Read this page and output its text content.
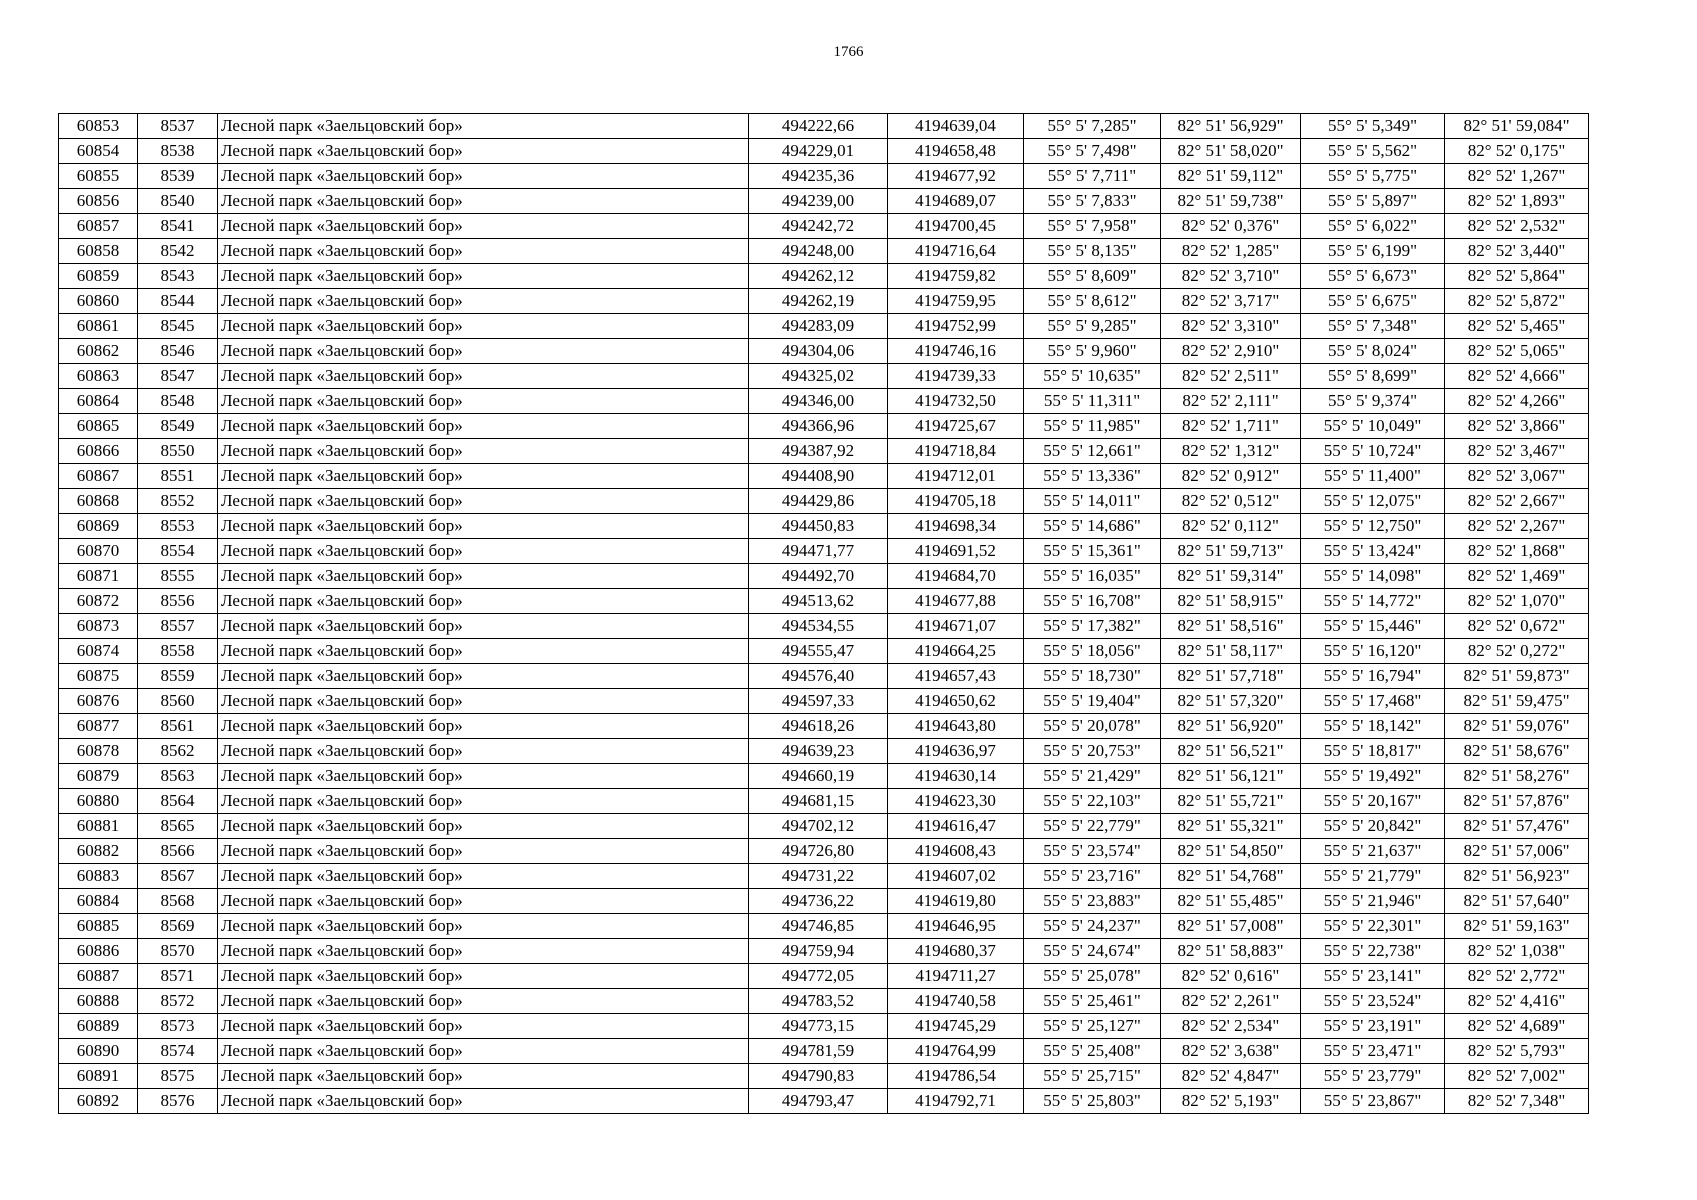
1766
60853	8537	Лесной парк «Заельцовский бор»	494222,66	4194639,04	55° 5' 7,285"	82° 51' 56,929"	55° 5' 5,349"	82° 51' 59,084"
60854	8538	Лесной парк «Заельцовский бор»	494229,01	4194658,48	55° 5' 7,498"	82° 51' 58,020"	55° 5' 5,562"	82° 52' 0,175"
60855	8539	Лесной парк «Заельцовский бор»	494235,36	4194677,92	55° 5' 7,711"	82° 51' 59,112"	55° 5' 5,775"	82° 52' 1,267"
60856	8540	Лесной парк «Заельцовский бор»	494239,00	4194689,07	55° 5' 7,833"	82° 51' 59,738"	55° 5' 5,897"	82° 52' 1,893"
60857	8541	Лесной парк «Заельцовский бор»	494242,72	4194700,45	55° 5' 7,958"	82° 52' 0,376"	55° 5' 6,022"	82° 52' 2,532"
60858	8542	Лесной парк «Заельцовский бор»	494248,00	4194716,64	55° 5' 8,135"	82° 52' 1,285"	55° 5' 6,199"	82° 52' 3,440"
60859	8543	Лесной парк «Заельцовский бор»	494262,12	4194759,82	55° 5' 8,609"	82° 52' 3,710"	55° 5' 6,673"	82° 52' 5,864"
60860	8544	Лесной парк «Заельцовский бор»	494262,19	4194759,95	55° 5' 8,612"	82° 52' 3,717"	55° 5' 6,675"	82° 52' 5,872"
60861	8545	Лесной парк «Заельцовский бор»	494283,09	4194752,99	55° 5' 9,285"	82° 52' 3,310"	55° 5' 7,348"	82° 52' 5,465"
60862	8546	Лесной парк «Заельцовский бор»	494304,06	4194746,16	55° 5' 9,960"	82° 52' 2,910"	55° 5' 8,024"	82° 52' 5,065"
60863	8547	Лесной парк «Заельцовский бор»	494325,02	4194739,33	55° 5' 10,635"	82° 52' 2,511"	55° 5' 8,699"	82° 52' 4,666"
60864	8548	Лесной парк «Заельцовский бор»	494346,00	4194732,50	55° 5' 11,311"	82° 52' 2,111"	55° 5' 9,374"	82° 52' 4,266"
60865	8549	Лесной парк «Заельцовский бор»	494366,96	4194725,67	55° 5' 11,985"	82° 52' 1,711"	55° 5' 10,049"	82° 52' 3,866"
60866	8550	Лесной парк «Заельцовский бор»	494387,92	4194718,84	55° 5' 12,661"	82° 52' 1,312"	55° 5' 10,724"	82° 52' 3,467"
60867	8551	Лесной парк «Заельцовский бор»	494408,90	4194712,01	55° 5' 13,336"	82° 52' 0,912"	55° 5' 11,400"	82° 52' 3,067"
60868	8552	Лесной парк «Заельцовский бор»	494429,86	4194705,18	55° 5' 14,011"	82° 52' 0,512"	55° 5' 12,075"	82° 52' 2,667"
60869	8553	Лесной парк «Заельцовский бор»	494450,83	4194698,34	55° 5' 14,686"	82° 52' 0,112"	55° 5' 12,750"	82° 52' 2,267"
60870	8554	Лесной парк «Заельцовский бор»	494471,77	4194691,52	55° 5' 15,361"	82° 51' 59,713"	55° 5' 13,424"	82° 52' 1,868"
60871	8555	Лесной парк «Заельцовский бор»	494492,70	4194684,70	55° 5' 16,035"	82° 51' 59,314"	55° 5' 14,098"	82° 52' 1,469"
60872	8556	Лесной парк «Заельцовский бор»	494513,62	4194677,88	55° 5' 16,708"	82° 51' 58,915"	55° 5' 14,772"	82° 52' 1,070"
60873	8557	Лесной парк «Заельцовский бор»	494534,55	4194671,07	55° 5' 17,382"	82° 51' 58,516"	55° 5' 15,446"	82° 52' 0,672"
60874	8558	Лесной парк «Заельцовский бор»	494555,47	4194664,25	55° 5' 18,056"	82° 51' 58,117"	55° 5' 16,120"	82° 52' 0,272"
60875	8559	Лесной парк «Заельцовский бор»	494576,40	4194657,43	55° 5' 18,730"	82° 51' 57,718"	55° 5' 16,794"	82° 51' 59,873"
60876	8560	Лесной парк «Заельцовский бор»	494597,33	4194650,62	55° 5' 19,404"	82° 51' 57,320"	55° 5' 17,468"	82° 51' 59,475"
60877	8561	Лесной парк «Заельцовский бор»	494618,26	4194643,80	55° 5' 20,078"	82° 51' 56,920"	55° 5' 18,142"	82° 51' 59,076"
60878	8562	Лесной парк «Заельцовский бор»	494639,23	4194636,97	55° 5' 20,753"	82° 51' 56,521"	55° 5' 18,817"	82° 51' 58,676"
60879	8563	Лесной парк «Заельцовский бор»	494660,19	4194630,14	55° 5' 21,429"	82° 51' 56,121"	55° 5' 19,492"	82° 51' 58,276"
60880	8564	Лесной парк «Заельцовский бор»	494681,15	4194623,30	55° 5' 22,103"	82° 51' 55,721"	55° 5' 20,167"	82° 51' 57,876"
60881	8565	Лесной парк «Заельцовский бор»	494702,12	4194616,47	55° 5' 22,779"	82° 51' 55,321"	55° 5' 20,842"	82° 51' 57,476"
60882	8566	Лесной парк «Заельцовский бор»	494726,80	4194608,43	55° 5' 23,574"	82° 51' 54,850"	55° 5' 21,637"	82° 51' 57,006"
60883	8567	Лесной парк «Заельцовский бор»	494731,22	4194607,02	55° 5' 23,716"	82° 51' 54,768"	55° 5' 21,779"	82° 51' 56,923"
60884	8568	Лесной парк «Заельцовский бор»	494736,22	4194619,80	55° 5' 23,883"	82° 51' 55,485"	55° 5' 21,946"	82° 51' 57,640"
60885	8569	Лесной парк «Заельцовский бор»	494746,85	4194646,95	55° 5' 24,237"	82° 51' 57,008"	55° 5' 22,301"	82° 51' 59,163"
60886	8570	Лесной парк «Заельцовский бор»	494759,94	4194680,37	55° 5' 24,674"	82° 51' 58,883"	55° 5' 22,738"	82° 52' 1,038"
60887	8571	Лесной парк «Заельцовский бор»	494772,05	4194711,27	55° 5' 25,078"	82° 52' 0,616"	55° 5' 23,141"	82° 52' 2,772"
60888	8572	Лесной парк «Заельцовский бор»	494783,52	4194740,58	55° 5' 25,461"	82° 52' 2,261"	55° 5' 23,524"	82° 52' 4,416"
60889	8573	Лесной парк «Заельцовский бор»	494773,15	4194745,29	55° 5' 25,127"	82° 52' 2,534"	55° 5' 23,191"	82° 52' 4,689"
60890	8574	Лесной парк «Заельцовский бор»	494781,59	4194764,99	55° 5' 25,408"	82° 52' 3,638"	55° 5' 23,471"	82° 52' 5,793"
60891	8575	Лесной парк «Заельцовский бор»	494790,83	4194786,54	55° 5' 25,715"	82° 52' 4,847"	55° 5' 23,779"	82° 52' 7,002"
60892	8576	Лесной парк «Заельцовский бор»	494793,47	4194792,71	55° 5' 25,803"	82° 52' 5,193"	55° 5' 23,867"	82° 52' 7,348"
